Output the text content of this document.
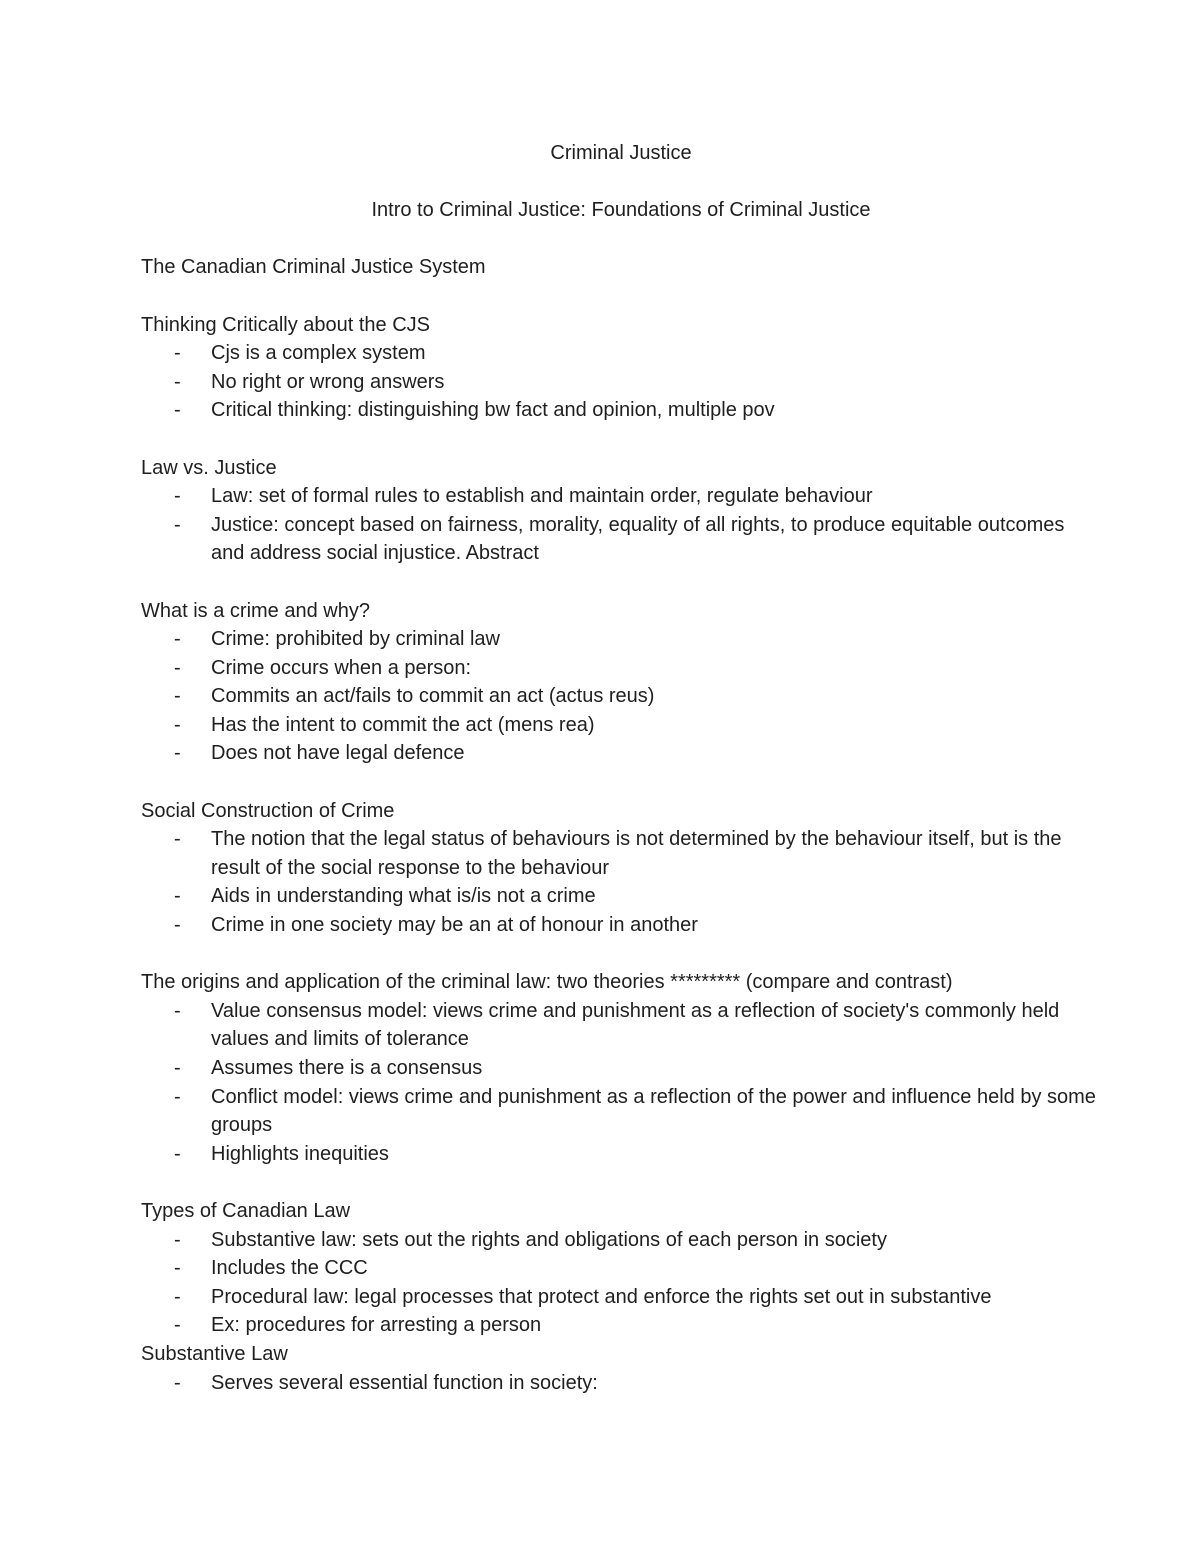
Criminal Justice

Intro to Criminal Justice: Foundations of Criminal Justice

The Canadian Criminal Justice System

Thinking Critically about the CJS

- Cjs is a complex system
- No right or wrong answers
- Critical thinking: distinguishing bw fact and opinion, multiple pov

Law vs. Justice

- Law: set of formal rules to establish and maintain order, regulate behaviour
- Justice: concept based on fairness, morality, equality of all rights, to produce equitable outcomes and address social injustice. Abstract

What is a crime and why?

- Crime: prohibited by criminal law
- Crime occurs when a person:
- Commits an act/fails to commit an act (actus reus)
- Has the intent to commit the act (mens rea)
- Does not have legal defence

Social Construction of Crime

- The notion that the legal status of behaviours is not determined by the behaviour itself, but is the result of the social response to the behaviour
- Aids in understanding what is/is not a crime
- Crime in one society may be an at of honour in another

The origins and application of the criminal law: two theories ********* (compare and contrast)

- Value consensus model: views crime and punishment as a reflection of society's commonly held values and limits of tolerance
- Assumes there is a consensus
- Conflict model: views crime and punishment as a reflection of the power and influence held by some groups
- Highlights inequities

Types of Canadian Law

- Substantive law: sets out the rights and obligations of each person in society
- Includes the CCC
- Procedural law: legal processes that protect and enforce the rights set out in substantive
- Ex: procedures for arresting a person

Substantive Law

- Serves several essential function in society:
